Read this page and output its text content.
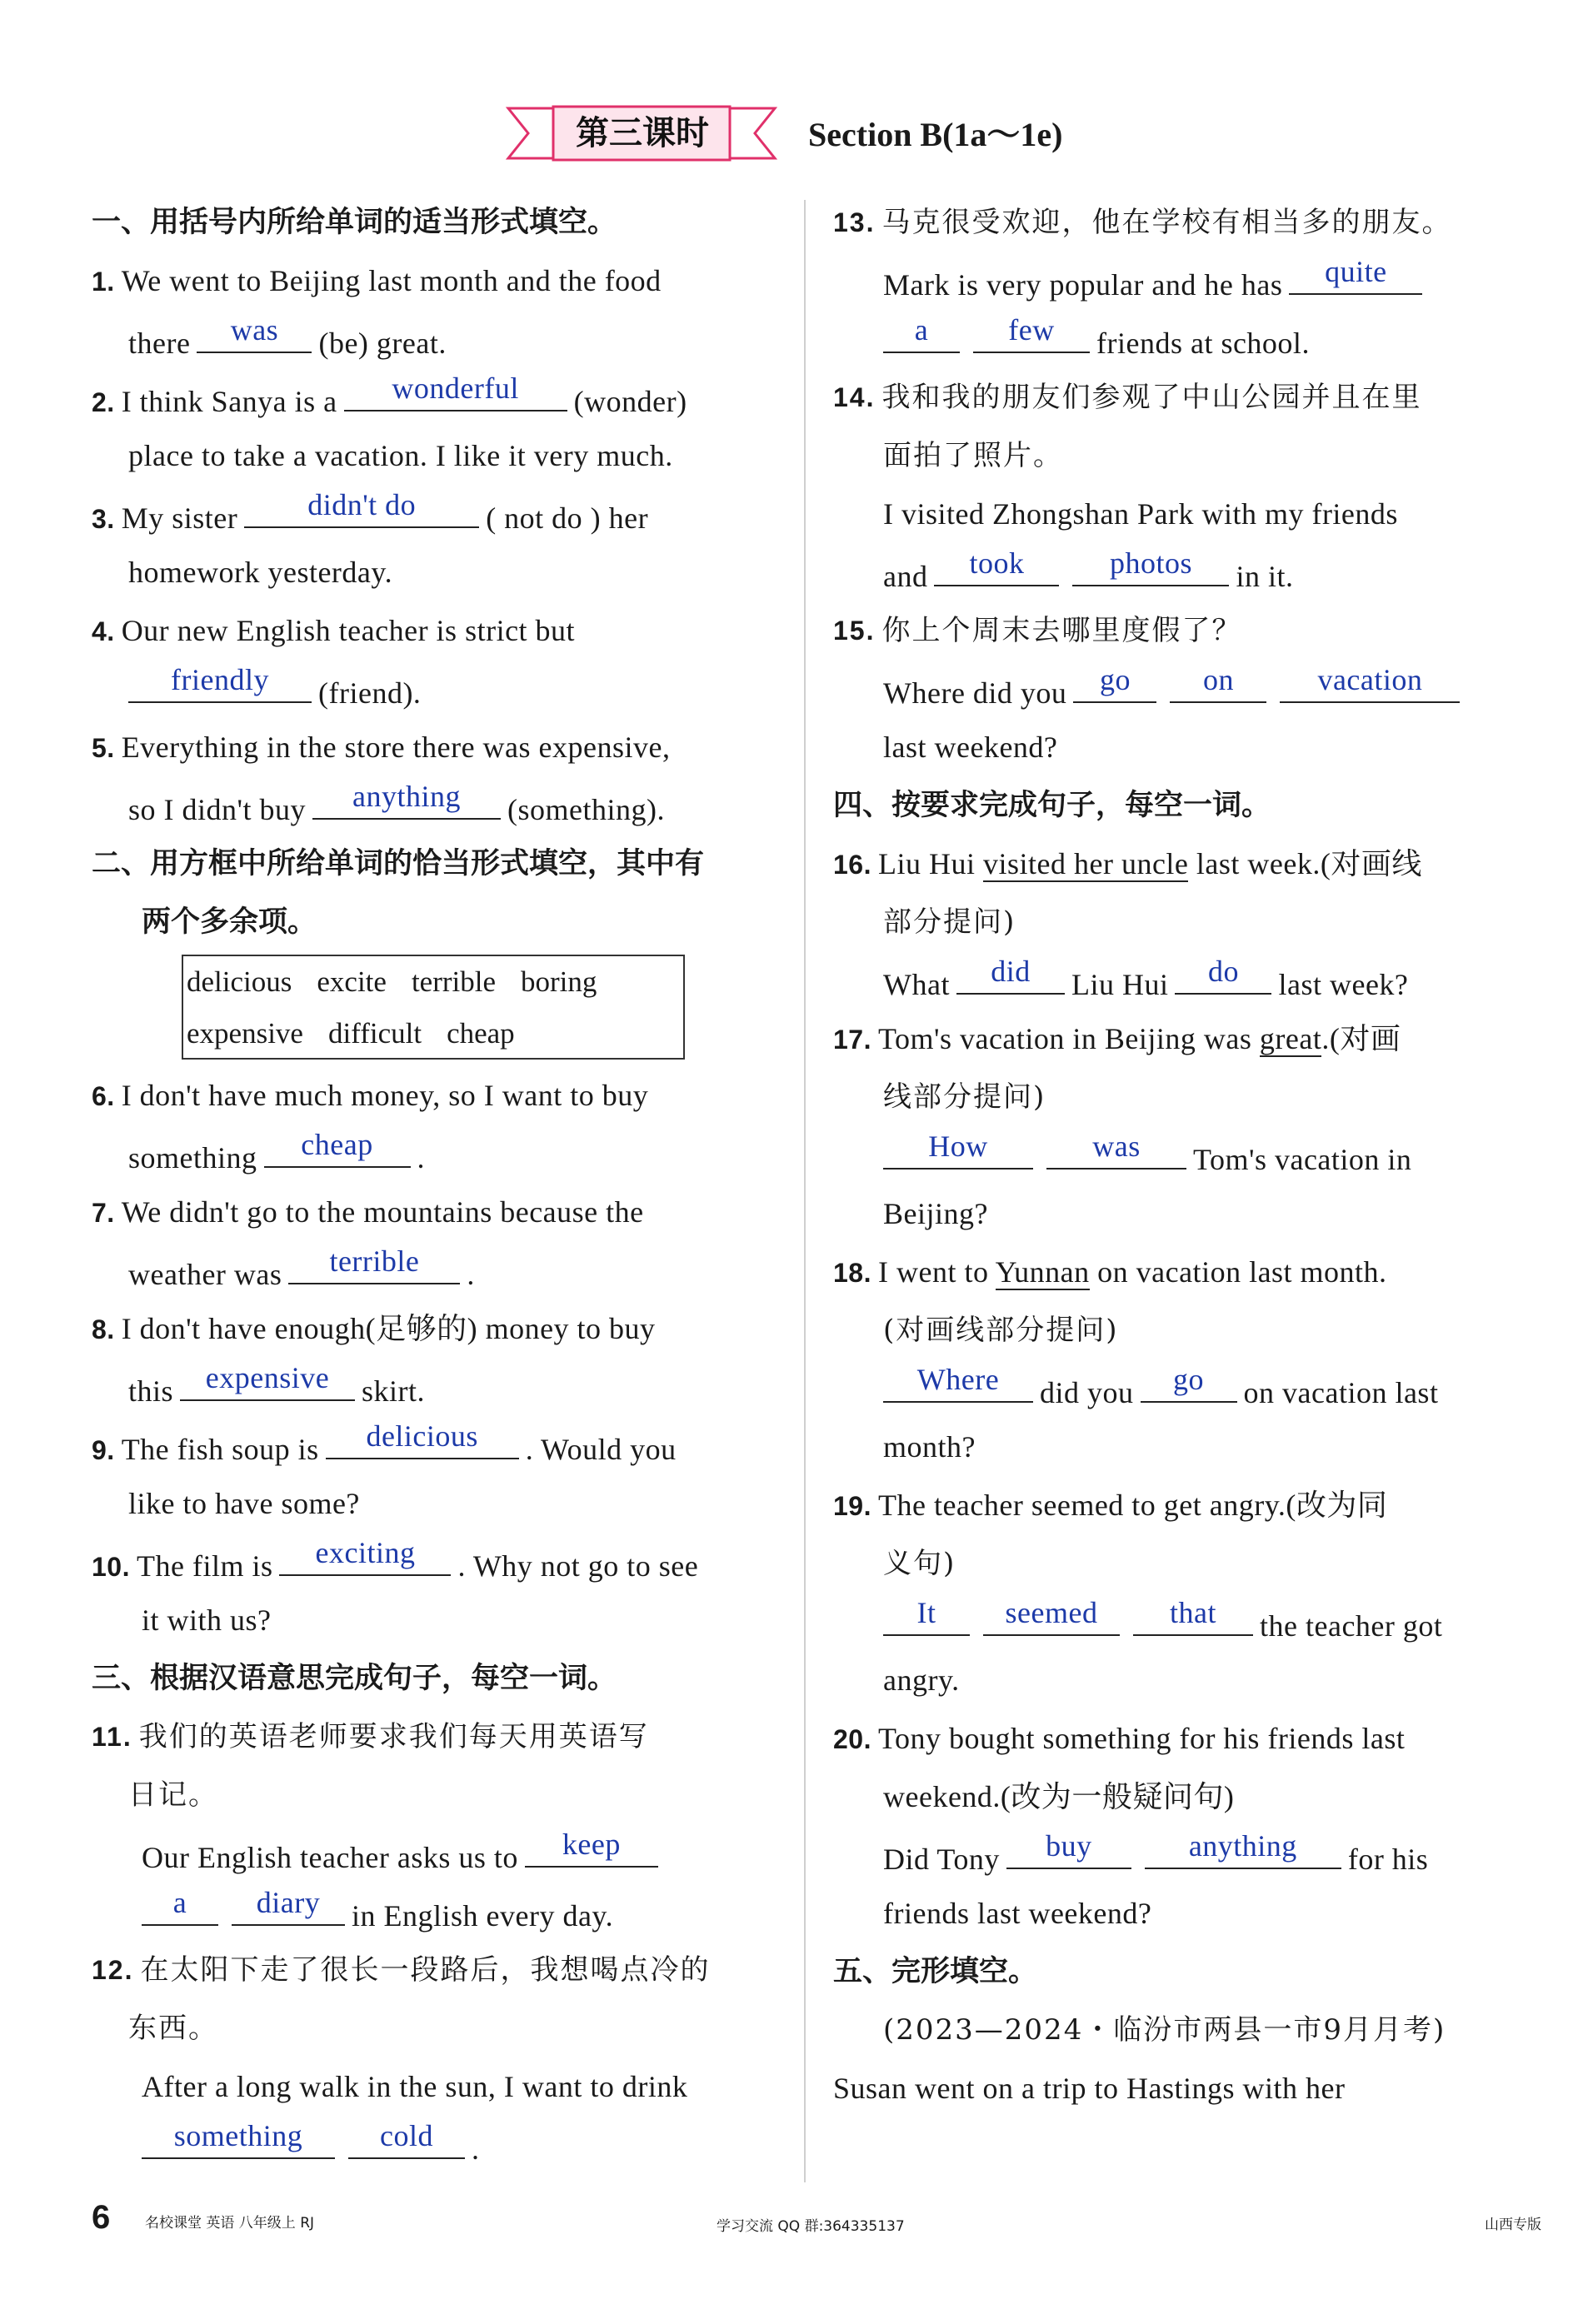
第三课时	Section B(1a～1e)
一、用括号内所给单词的适当形式填空。
1. We went to Beijing last month and the food
there	was	(be) great.
2. I think Sanya is a	wonderful	(wonder)
place to take a vacation. I like it very much.
3. My sister	didn't do	( not do ) her
homework yesterday.
4. Our new English teacher is strict but
friendly	(friend).
5. Everything in the store there was expensive,
so I didn't buy	anything	(something).
二、用方框中所给单词的恰当形式填空，其中有
两个多余项。
delicious excite terrible boring
expensive difficult cheap
6. I don't have much money, so I want to buy
something	cheap	.
7. We didn't go to the mountains because the
weather was	terrible	.
8. I don't have enough(足够的) money to buy
this	expensive	skirt.
9. The fish soup is	delicious	. Would you
like to have some?
10. The film is	exciting	. Why not go to see
it with us?
三、根据汉语意思完成句子，每空一词。
11. 我们的英语老师要求我们每天用英语写
日记。
Our English teacher asks us to	keep
a	diary	in English every day.
12. 在太阳下走了很长一段路后，我想喝点冷的
东西。
After a long walk in the sun, I want to drink
something	cold	.
13. 马克很受欢迎，他在学校有相当多的朋友。
Mark is very popular and he has	quite
a	few	friends at school.
14. 我和我的朋友们参观了中山公园并且在里
面拍了照片。
I visited Zhongshan Park with my friends
and	took	photos	in it.
15. 你上个周末去哪里度假了？
Where did you	go	on	vacation
last weekend?
四、按要求完成句子，每空一词。
16. Liu Hui visited her uncle last week.(对画线
部分提问)
What	did	Liu Hui	do	last week?
17. Tom's vacation in Beijing was great.(对画
线部分提问)
How	was	Tom's vacation in
Beijing?
18. I went to Yunnan on vacation last month.
(对画线部分提问)
Where	did you	go	on vacation last
month?
19. The teacher seemed to get angry.(改为同
义句)
It	seemed	that	the teacher got
angry.
20. Tony bought something for his friends last
weekend.(改为一般疑问句)
Did Tony	buy	anything	for his
friends last weekend?
五、完形填空。
(2023—2024・临汾市两县一市9月月考)
Susan went on a trip to Hastings with her
6 名校课堂 英语 八年级上 RJ	学习交流 QQ 群:364335137	山西专版
